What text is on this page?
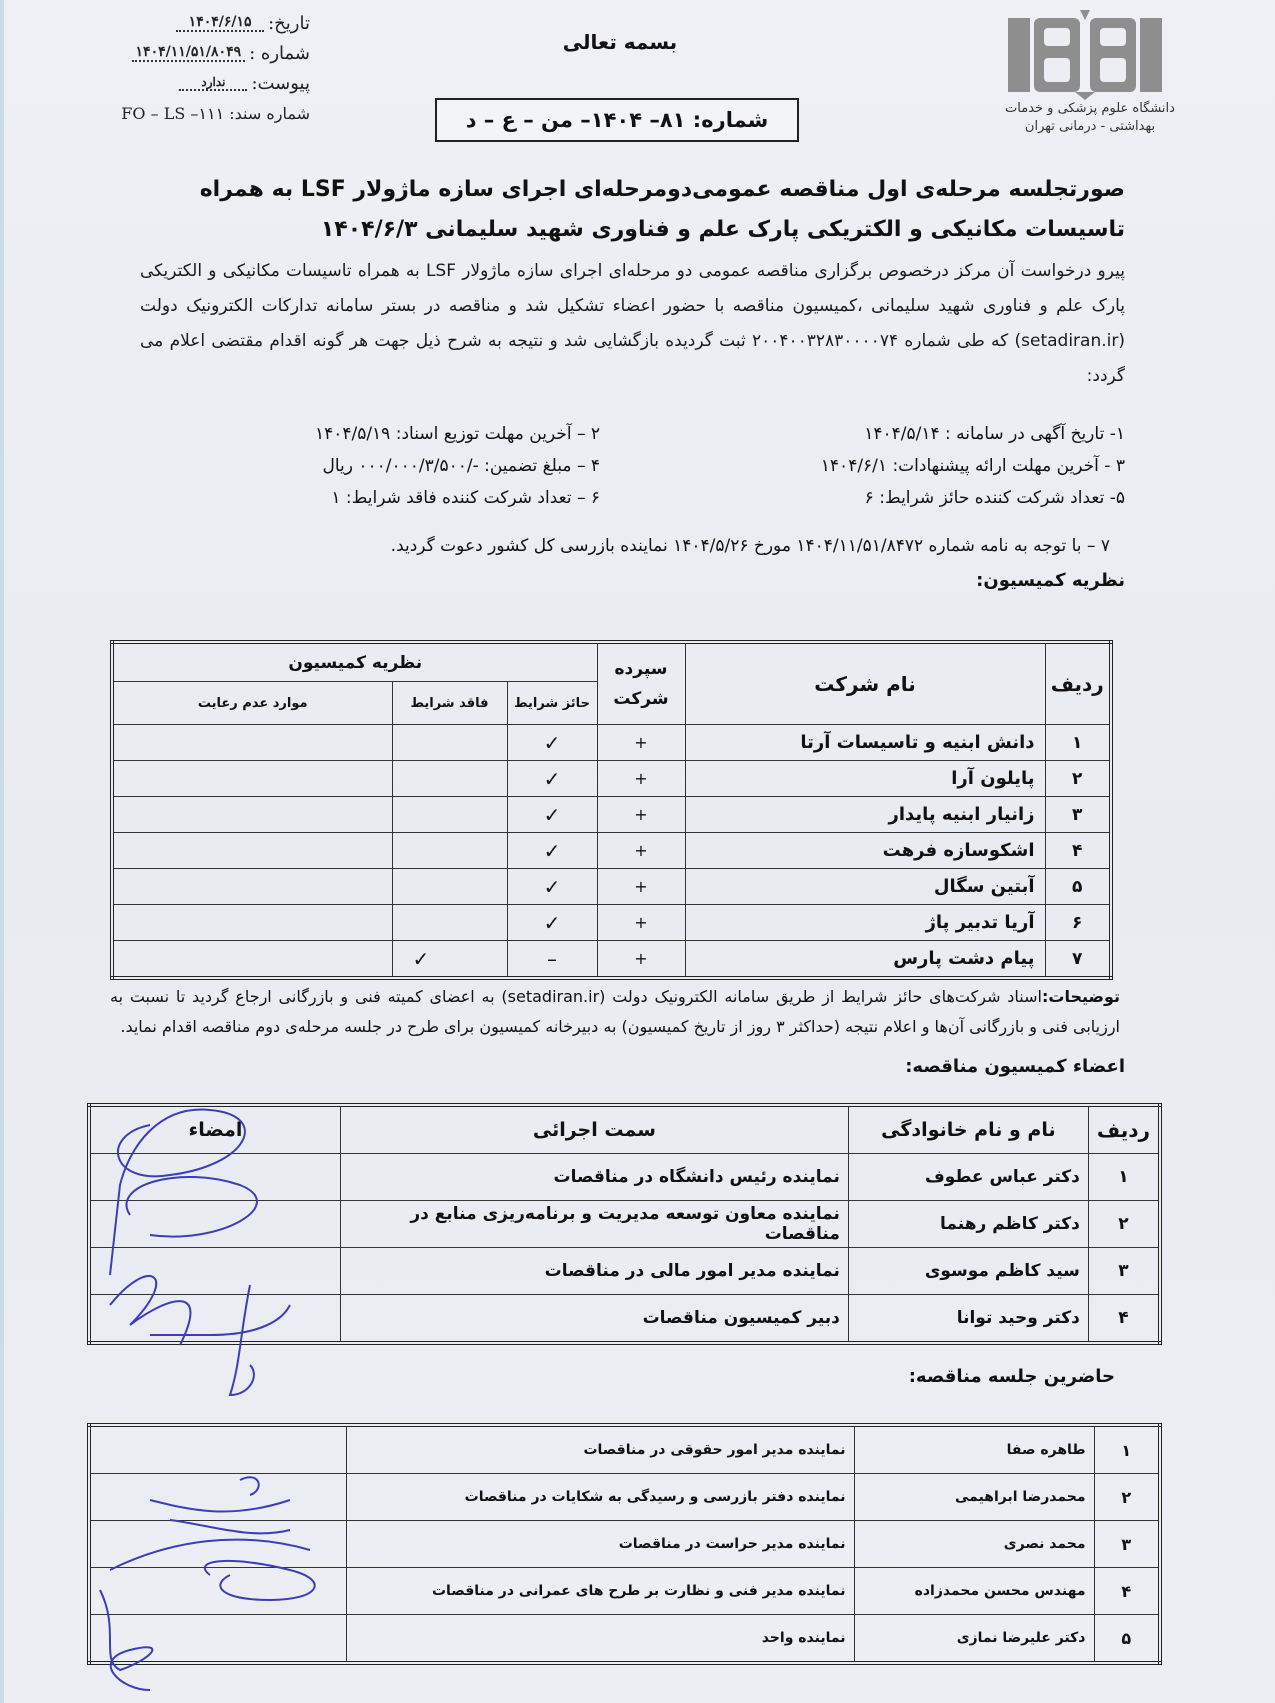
تاریخ:
۱۴۰۴/۶/۱۵
شماره :
۱۴۰۴/۱۱/۵۱/۸۰۴۹
پیوست:
ندارد
شماره سند: ۱۱۱– FO – LS
بسمه تعالی
شماره: ۸۱– ۱۴۰۴– من – ع – د	دانشگاه علوم پزشکی و خدمات
بهداشتی - درمانی تهران
صورتجلسه مرحله‌ی اول مناقصه عمومی‌دومرحله‌ای اجرای سازه ماژولار LSF به همراه تاسیسات مکانیکی و الکتریکی پارک علم و فناوری شهید سلیمانی ۱۴۰۴/۶/۳
پیرو درخواست آن مرکز درخصوص برگزاری مناقصه عمومی دو مرحله‌ای اجرای سازه ماژولار LSF به همراه تاسیسات مکانیکی و الکتریکی پارک علم و فناوری شهید سلیمانی ،کمیسیون مناقصه با حضور اعضاء تشکیل شد و مناقصه در بستر سامانه تدارکات الکترونیک دولت (setadiran.ir) که طی شماره ۲۰۰۴۰۰۳۲۸۳۰۰۰۰۷۴ ثبت گردیده بازگشایی شد و نتیجه به شرح ذیل جهت هر گونه اقدام مقتضی اعلام می گردد:
۱- تاریخ آگهی در سامانه : ۱۴۰۴/۵/۱۴
۲ – آخرین مهلت توزیع اسناد: ۱۴۰۴/۵/۱۹
۳ - آخرین مهلت ارائه پیشنهادات: ۱۴۰۴/۶/۱
۴ – مبلغ تضمین: -/۰۰۰/۰۰۰/۳/۵۰۰ ریال
۵- تعداد شرکت کننده حائز شرایط: ۶
۶ – تعداد شرکت کننده فاقد شرایط: ۱
۷ – با توجه به نامه شماره ۱۴۰۴/۱۱/۵۱/۸۴۷۲ مورخ ۱۴۰۴/۵/۲۶ نماینده بازرسی کل کشور دعوت گردید.
نظریه کمیسیون:
ردیف	نام شرکت	سپرده شرکت	نظریه کمیسیون		
			حائز شرایط	فاقد شرایط	موارد عدم رعایت
۱	دانش ابنیه و تاسیسات آرتا	+	✓		
۲	پایلون آرا	+	✓		
۳	زانیار ابنیه پایدار	+	✓		
۴	اشکوسازه فرهت	+	✓		
۵	آبتین سگال	+	✓		
۶	آریا تدبیر پاژ	+	✓		
۷	پیام دشت پارس	+	–	✓	
توضیحات:اسناد شرکت‌های حائز شرایط از طریق سامانه الکترونیک دولت (setadiran.ir) به اعضای کمیته فنی و بازرگانی ارجاع گردید تا نسبت به ارزیابی فنی و بازرگانی آن‌ها و اعلام نتیجه (حداکثر ۳ روز از تاریخ کمیسیون) به دبیرخانه کمیسیون برای طرح در جلسه مرحله‌ی دوم مناقصه اقدام نماید.
اعضاء کمیسیون مناقصه:
ردیف	نام و نام خانوادگی	سمت اجرائی	امضاء
۱	دکتر عباس عطوف	نماینده رئیس دانشگاه در مناقصات	
۲	دکتر کاظم رهنما	نماینده معاون توسعه مدیریت و برنامه‌ریزی منابع در مناقصات	
۳	سید کاظم موسوی	نماینده مدیر امور مالی در مناقصات	
۴	دکتر وحید توانا	دبیر کمیسیون مناقصات	
حاضرین جلسه مناقصه:
۱	طاهره صفا	نماینده مدیر امور حقوقی در مناقصات	
۲	محمدرضا ابراهیمی	نماینده دفتر بازرسی و رسیدگی به شکایات در مناقصات	
۳	محمد نصری	نماینده مدیر حراست در مناقصات	
۴	مهندس محسن محمدزاده	نماینده مدیر فنی و نظارت بر طرح های عمرانی در مناقصات	
۵	دکتر علیرضا نمازی	نماینده واحد	
